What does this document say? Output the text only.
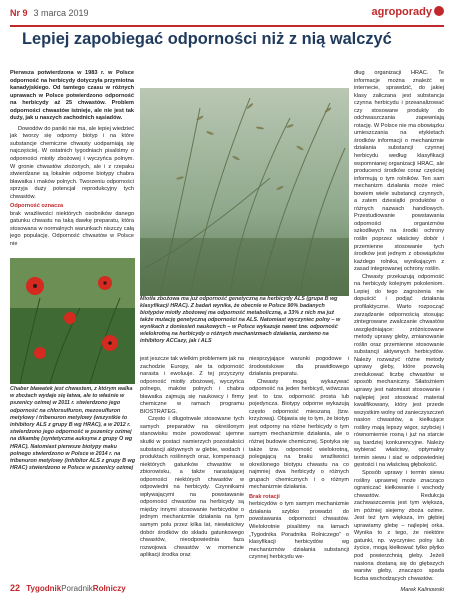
Nr 9 3 marca 2019	agroporady
Lepiej zapobiegać odporności niż z nią walczyć

Pierwsza potwierdzona w 1983 r. w Polsce odporność na herbicydy dotyczyła przymiotna kanadyjskiego. Od tamtego czasu w różnych uprawach w Polsce potwierdzono odporność na herbicydy aż 25 chwastów. Problem odporności chwastów istnieje, ale nie jest tak duży, jak u naszych zachodnich sąsiadów.

Dowodów do paniki nie ma, ale lepiej wiedzieć jak tworzy się odporny biotyp i na które substancje chemiczne chwasty uodparniają się najczęściej. W ostatnich tygodniach pisaliśmy o odporności miotły zbożowej i wyczyńca polnym. W gronie chwastów złożonych, ale i z rzepaku stwierdzane są lokalnie odporne biotypy chabra bławatka i maków polnych. Tworzeniu odporności sprzyja duży potencjał reprodukcyjny tych chwastów.

Odporność oznacza

brak wrażliwości niektórych osobników danego gatunku chwastu na taką dawkę preparatu, która stosowana w normalnych warunkach niszczy całą jego populację. Odporność chwastów w Polsce nie

Miotła zbożowa ma już odporność genetyczną na herbicydy ALS (grupa B wg klasyfikacji HRAC). Z badań wynika, że obecnie w Polsce 90% badanych biotypów miotły zbożowej ma odporność metaboliczną, a 33% z nich ma już także mutację genetyczną odporności na ALS. Natomiast wyczyniec polny – w wynikach z doniesień naukowych – w Polsce wykazuje nawet tzw. odporność wielokrotną na herbicydy o różnych mechanizmach działania, zarówno na inhibitory ACCazy, jak i ALS
Chaber bławatek jest chwastem, z którym walka w zbożach wydaje się łatwa, ale to właśnie w pszenicy ozimej w 2011 r. stwierdzono jego odporność na chlorsulfuron, mezosulfuron metylowy i tribenuron metylowy (wszystkie to inhibitory ALS z grupy B wg HRAC), a w 2012 r. stwierdzono jego odporność w pszenicy ozimej na dikambę (syntetyczna auksyna z grupy O wg HRAC). Natomiast pierwsze biotypy maku polnego stwierdzono w Polsce w 2014 r. na tribenuron metylowy (inhibitor ALS z grupy B wg HRAC) stwierdzono w Polsce w pszenicy ozimej

jest jeszcze tak wielkim problemem jak na zachodzie Europy, ale ta odporność narasta i ewoluuje. Z tej przyczyny odporność miotły zbożowej, wyczyńca polnego, maków polnych i chabra bławatka zajmują się naukowcy i firmy chemiczne w ramach programu BIOSTRATEG.

Często i długotrwale stosowane tych samych preparatów na określonym stanowisku może powodować ujemne skutki w postaci namierzych pozostałości substancji aktywnych w glebie, wodach i produktach roślinnych oraz, kompensacji niektórych gatunków chwastów w zbiorowisku, a także narastającej odporności niektórych chwastów w odpowiedni na herbicydy. Czynnikami wpływającymi na powstawanie odporności chwastów na herbicydy są między innymi stosowanie herbicydów o jednym mechanizmie działania na tym samym polu przez kilka lat, niewłaściwy dobór środków do składu gatunkowego chwastów, nieodpowiednia faza rozwojowa chwastów w momencie aplikacji środka oraz

niesprzyjające warunki pogodowe i środowiskowe dla prawidłowego działania preparatu.

Chwasty mogą wykazywać odporność na jeden herbicyd, wówczas jest to tzw. odporność prosta lub pojedyncza. Biotypy odporne wykazują często odporność mieszaną (tzw. krzyżową). Objawia się to tym, że biotyp jest odporny na różne herbicydy o tym samym mechanizmie działania, ale o różnej budowie chemicznej. Spotyka się także tzw. odporność wielokrotną, polegającą na braku wrażliwości określonego biotypu chwastu na co najmniej dwa herbicydy o różnych grupach chemicznych i o różnym mechanizmie działania.

Brak rotacji

herbicydów o tym samym mechanizmie działania szybko prowadzi do powstawania odporności chwastów. Wielokrotnie pisaliśmy na łamach „Tygodnika Poradnika Rolniczego” o klasyfikacji herbicydów wg mechanizmów działania substancji czynnej herbicydu we-

dług organizacji HRAC. Te informacje można znaleźć w internecie, sprawdzić, do jakiej klasy zaliczana jest substancja czynna herbicydu i przeanalizować czy stosowane produkty do odchwaszczania zapewniają rotację. W Polsce nie ma obowiązku umieszczania na etykietach środków informacji o mechanizmie działania substancji czynnej herbicydu według klasyfikacji wspomnianej organizacji HRAC, ale producenci środków coraz częściej informują o tym rolników. Ten sam mechanizm działania może mieć bowiem wiele substancji czynnych, a zatem dziesiątki produktów o różnych nazwach handlowych. Przestudiowanie powstawania odporności organizmów szkodliwych na środki ochrony roślin poprzez właściwy dobór i przemienne stosowanie tych środków jest jednym z obowiązków każdego rolnika, wynikającym z zasad integrowanej ochrony roślin.

Chwasty przekazują odporność na herbicydy kolejnym pokoleniom. Lepiej do tego zagrożenia nie dopuścić i podjąć działania profilaktyczne. Warto rozpocząć zarządzanie odpornością stosując zintegrowane zwalczanie chwastów uwzględniające: zróżnicowane metody uprawy gleby, zmianowanie roślin oraz przemienne stosowanie substancji aktywnych herbicydów. Należy rozważyć różne metody uprawy gleby, które pozwolą zredukować liczbę chwastów w sposób mechaniczny. Siłatożniem uprawy jest natomiast stosowanie i najlepiej jest stosować materiał kwalifikowany, który jest przede wszystkim wolny od zanieczyszczeń nasion chwastów, a kiełkujące rośliny mają lepszy wigor, szybciej i równomiernie rosną i już na starcie są bardziej konkurencyjne. Należy wybierać właściwy, optymalny termin siewu i siać w odpowiedniej gęstości i na właściwą głębokość.

Sposób uprawy i termin siewu rośliny uprawnej może znacząco ograniczać kiełkowanie i wschody chwastów. Redukcja zachwaszczenia jest tym większa, im później siejemy zboża ozime. Jest też tym większa, im głębiej uprawiamy glebę – najlepiej orka. Wynika to z tego, że niektóre gatunki, np. wyczyniec polny lub życice, mogą kiełkować tylko płytko pod powierzchnią gleby. Jeżeli nasiona dostaną się do głębszych warstw gleby, znacząco spada liczba wschodzących chwastów.

Marek Kalinowski

22 TygodnikPoradnikRolniczy
